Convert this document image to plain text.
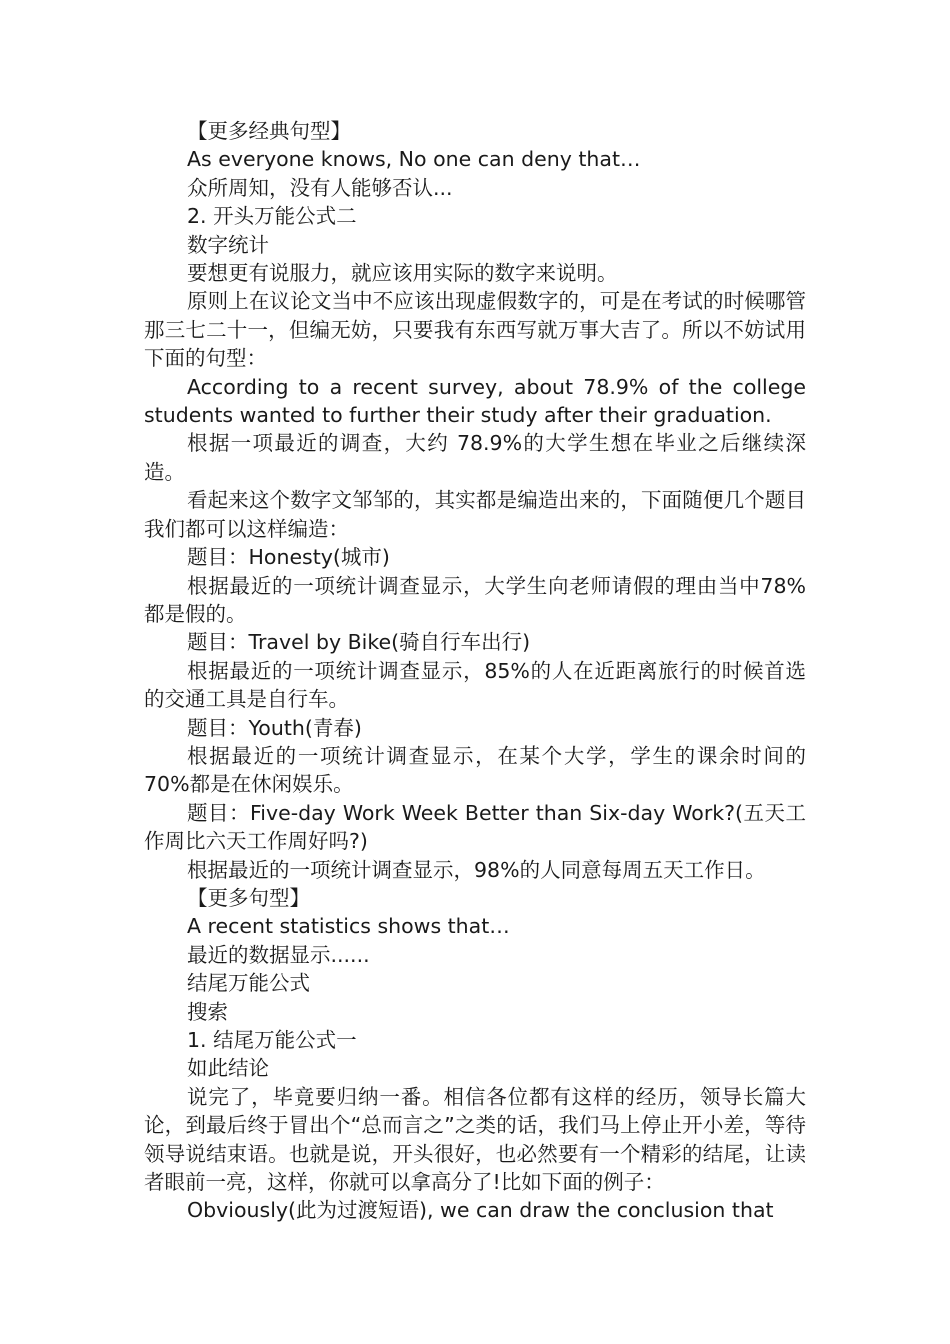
【更多经典句型】

As everyone knows, No one can deny that…

众所周知，没有人能够否认...

2. 开头万能公式二

数字统计

要想更有说服力，就应该用实际的数字来说明。

原则上在议论文当中不应该出现虚假数字的，可是在考试的时候哪管那三七二十一，但编无妨，只要我有东西写就万事大吉了。所以不妨试用下面的句型：

According to a recent survey, about 78.9% of the college students wanted to further their study after their graduation.

根据一项最近的调查，大约 78.9%的大学生想在毕业之后继续深造。

看起来这个数字文邹邹的，其实都是编造出来的，下面随便几个题目我们都可以这样编造：

题目：Honesty(城市)

根据最近的一项统计调查显示，大学生向老师请假的理由当中78%都是假的。

题目：Travel by Bike(骑自行车出行)

根据最近的一项统计调查显示，85%的人在近距离旅行的时候首选的交通工具是自行车。

题目：Youth(青春)

根据最近的一项统计调查显示，在某个大学，学生的课余时间的70%都是在休闲娱乐。

题目：Five-day Work Week Better than Six-day Work?(五天工作周比六天工作周好吗?)

根据最近的一项统计调查显示，98%的人同意每周五天工作日。

【更多句型】

A recent statistics shows that…

最近的数据显示......

结尾万能公式

搜索

1. 结尾万能公式一

如此结论

说完了，毕竟要归纳一番。相信各位都有这样的经历，领导长篇大论，到最后终于冒出个“总而言之”之类的话，我们马上停止开小差，等待领导说结束语。也就是说，开头很好，也必然要有一个精彩的结尾，让读者眼前一亮，这样，你就可以拿高分了!比如下面的例子：

Obviously(此为过渡短语), we can draw the conclusion that
